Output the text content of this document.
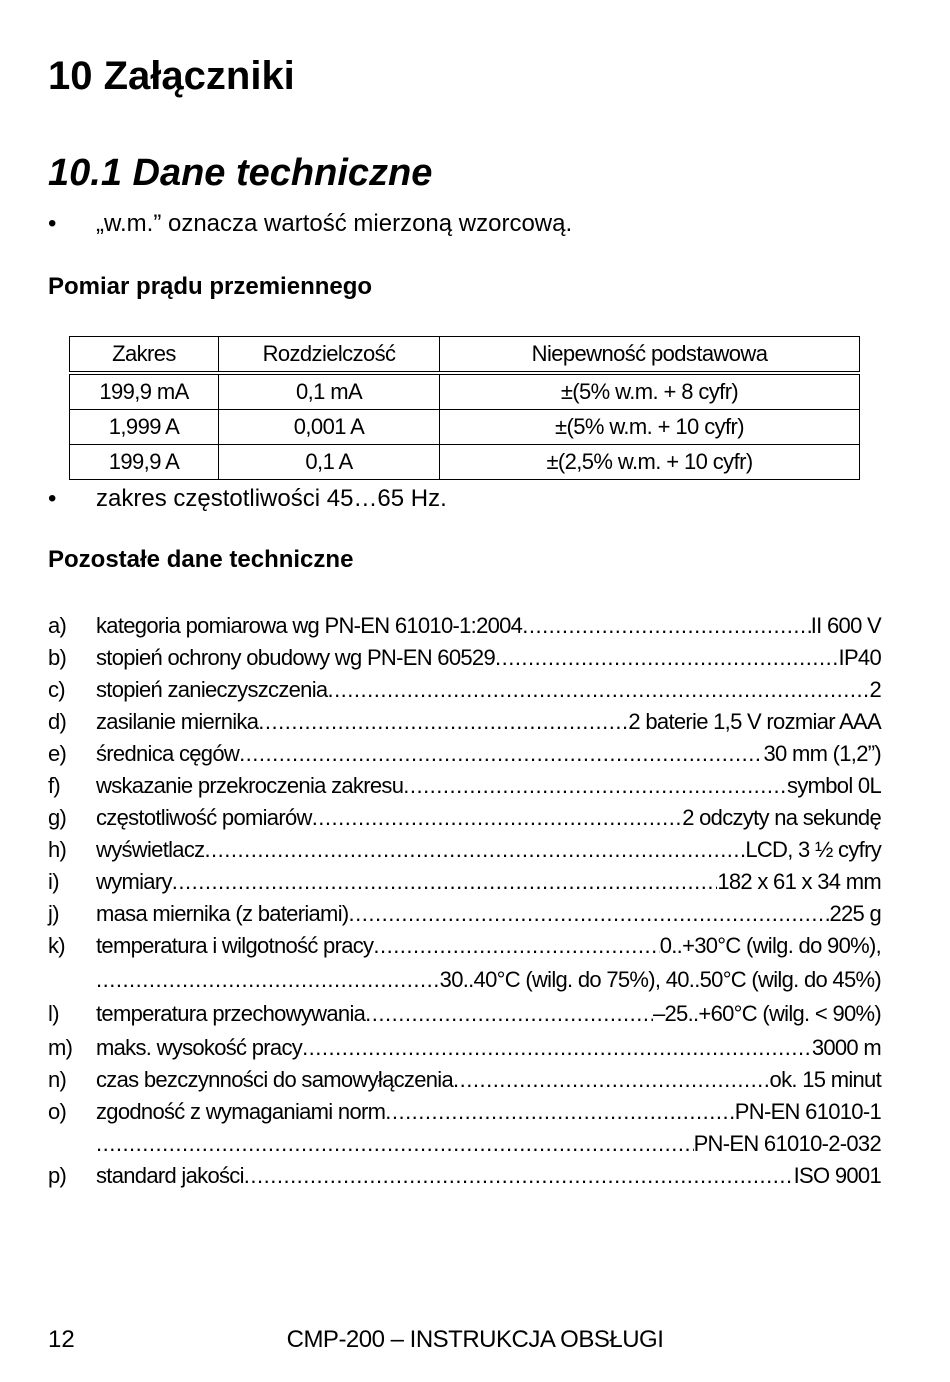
10 Załączniki
10.1 Dane techniczne
• „w.m.” oznacza wartość mierzoną wzorcową.
Pomiar prądu przemiennego
Zakres	Rozdzielczość	Niepewność podstawowa
199,9 mA	0,1 mA	±(5% w.m. + 8 cyfr)
1,999 A	0,001 A	±(5% w.m. + 10 cyfr)
199,9 A	0,1 A	±(2,5% w.m. + 10 cyfr)
• zakres częstotliwości 45…65 Hz.
Pozostałe dane techniczne
a)	kategoria pomiarowa wg PN-EN 61010-1:2004 .....	II 600 V
b)	stopień ochrony obudowy wg PN-EN 60529 .....	IP40
c)	stopień zanieczyszczenia .....	2
d)	zasilanie miernika .....	2 baterie 1,5 V rozmiar AAA
e)	średnica cęgów .....	30 mm (1,2”)
f)	wskazanie przekroczenia zakresu .....	symbol 0L
g)	częstotliwość pomiarów .....	2 odczyty na sekundę
h)	wyświetlacz .....	LCD, 3 ½ cyfry
i)	wymiary .....	182 x 61 x 34 mm
j)	masa miernika (z bateriami) .....	225 g
k)	temperatura i wilgotność pracy .....	0..+30°C (wilg. do 90%),
.....
30..40°C (wilg. do 75%), 40..50°C (wilg. do 45%)
l)	temperatura przechowywania .....	–25..+60°C (wilg. < 90%)
m)	maks. wysokość pracy .....	3000 m
n)	czas bezczynności do samowyłączenia .....	ok. 15 minut
o)	zgodność z wymaganiami norm .....	PN-EN 61010-1
.....
PN-EN 61010-2-032
p)	standard jakości .....	ISO 9001
12	CMP-200 – INSTRUKCJA OBSŁUGI
